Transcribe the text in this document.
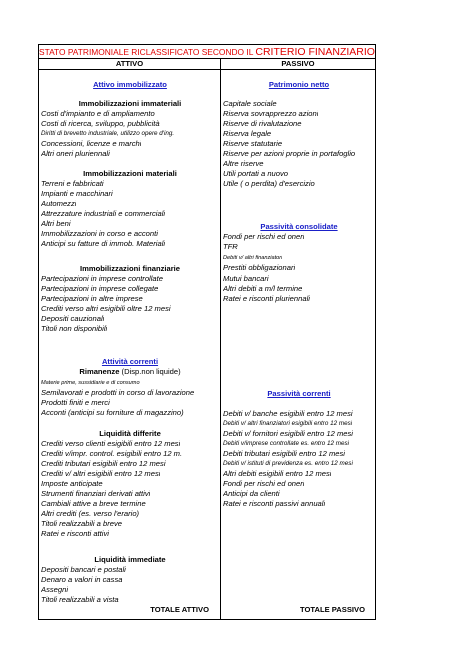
STATO PATRIMONIALE RICLASSIFICATO SECONDO IL CRITERIO FINANZIARIO
ATTIVO	PASSIVO
Attivo immobilizzato
Immobilizzazioni immateriali
Costi d'impianto e di ampliamento
Costi di ricerca, sviluppo, pubblicità
Diritti di brevetto industriale, utilizzo opere d'ing.
Concessioni, licenze e marchi
Altri oneri pluriennali
Immobilizzazioni materiali
Terreni e fabbricati
Impianti e macchinari
Automezzi
Attrezzature industriali e commerciali
Altri beni
Immobilizzazioni in corso e acconti
Anticipi su fatture di immob. Materiali
Immobilizzazioni finanziarie
Partecipazioni in imprese controllate
Partecipazioni in imprese collegate
Partecipazioni in altre imprese
Crediti verso altri esigibili oltre 12 mesi
Depositi cauzionali
Titoli non disponibili
Attività correnti
Rimanenze (Disp.non liquide)
Materie prime, sussidiarie e di consumo
Semilavorati e prodotti in corso di lavorazione
Prodotti finiti e merci
Acconti (anticipi su forniture di magazzino)
Liquidità differite
Crediti verso clienti esigibili entro 12 mesi
Crediti v/impr. control. esigibili entro 12 m.
Crediti tributari esigibili entro 12 mesi
Crediti v/ altri esigibili entro 12 mesi
Imposte anticipate
Strumenti finanziari derivati attivi
Cambiali attive a breve termine
Altri crediti (es. verso l'erario)
Titoli realizzabili a breve
Ratei e risconti attivi
Liquidità immediate
Depositi bancari e postali
Denaro a valori in cassa
Assegni
Titoli realizzabili a vista
TOTALE ATTIVO
Patrimonio netto
Capitale sociale
Riserva sovrapprezzo azioni
Riserve di rivalutazione
Riserva legale
Riserve statutarie
Riserve per azioni proprie in portafoglio
Altre riserve
Utili portati a nuovo
Utile ( o perdita) d'esercizio
Passività consolidate
Fondi per rischi ed oneri
TFR
Debiti v/ altri finanziatori
Prestiti obbligazionari
Mutui bancari
Altri debiti a m/l termine
Ratei e risconti pluriennali
Passività correnti
Debiti v/ banche esigibili entro 12 mesi
Debiti v/ altri finanziatori esigibili entro 12 mesi
Debiti v/ fornitori esigibili entro 12 mesi
Debiti v/imprese controllate es. entro 12 mesi
Debiti tributari esigibili entro 12 mesi
Debiti v/ istituti di previdenza es. entro 12 mesi
Altri debiti esigibili entro 12 mesi
Fondi per rischi ed oneri
Anticipi da clienti
Ratei e risconti passivi annuali
TOTALE PASSIVO
